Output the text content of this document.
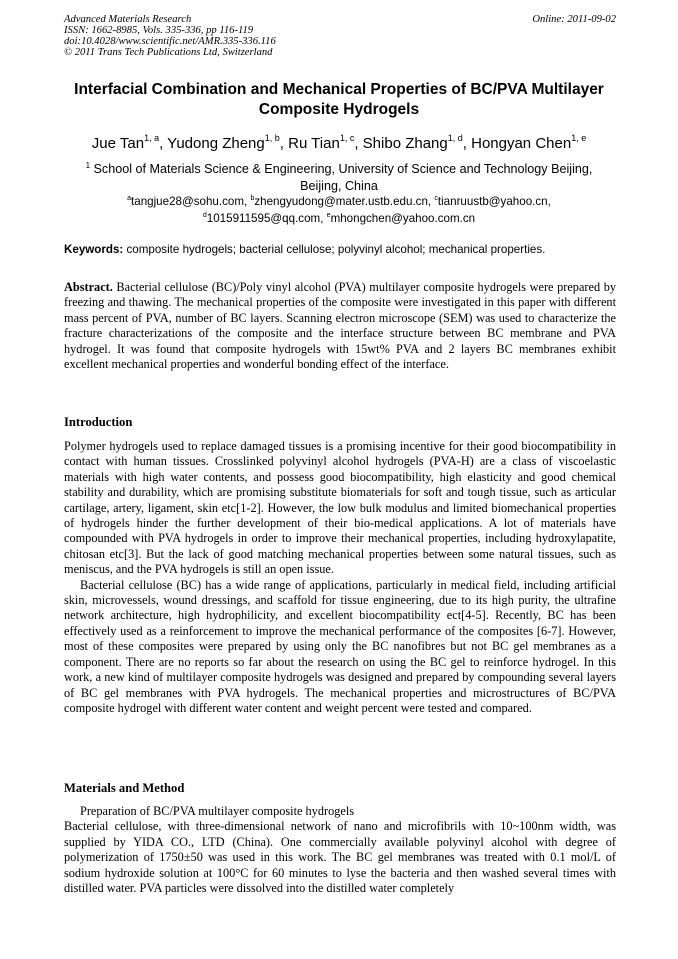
Advanced Materials Research
ISSN: 1662-8985, Vols. 335-336, pp 116-119
doi:10.4028/www.scientific.net/AMR.335-336.116
© 2011 Trans Tech Publications Ltd, Switzerland
Online: 2011-09-02
Interfacial Combination and Mechanical Properties of BC/PVA Multilayer Composite Hydrogels
Jue Tan$^{1, a}$, Yudong Zheng$^{1, b}$, Ru Tian$^{1, c}$, Shibo Zhang$^{1, d}$, Hongyan Chen$^{1, e}$
$^1$ School of Materials Science & Engineering, University of Science and Technology Beijing, Beijing, China
$^a$tangjue28@sohu.com, $^b$zhengyudong@mater.ustb.edu.cn, $^c$tianruustb@yahoo.cn,
$^d$1015911595@qq.com, $^e$mhongchen@yahoo.com.cn
Keywords: composite hydrogels; bacterial cellulose; polyvinyl alcohol; mechanical properties.
Abstract. Bacterial cellulose (BC)/Poly vinyl alcohol (PVA) multilayer composite hydrogels were prepared by freezing and thawing. The mechanical properties of the composite were investigated in this paper with different mass percent of PVA, number of BC layers. Scanning electron microscope (SEM) was used to characterize the fracture characterizations of the composite and the interface structure between BC membrane and PVA hydrogel. It was found that composite hydrogels with 15wt% PVA and 2 layers BC membranes exhibit excellent mechanical properties and wonderful bonding effect of the interface.
Introduction

Polymer hydrogels used to replace damaged tissues is a promising incentive for their good biocompatibility in contact with human tissues. Crosslinked polyvinyl alcohol hydrogels (PVA-H) are a class of viscoelastic materials with high water contents, and possess good biocompatibility, high elasticity and good chemical stability and durability, which are promising substitute biomaterials for soft and tough tissue, such as articular cartilage, artery, ligament, skin etc[1-2]. However, the low bulk modulus and limited biomechanical properties of hydrogels hinder the further development of their bio-medical applications. A lot of materials have compounded with PVA hydrogels in order to improve their mechanical properties, including hydroxylapatite, chitosan etc[3]. But the lack of good matching mechanical properties between some natural tissues, such as meniscus, and the PVA hydrogels is still an open issue.

Bacterial cellulose (BC) has a wide range of applications, particularly in medical field, including artificial skin, microvessels, wound dressings, and scaffold for tissue engineering, due to its high purity, the ultrafine network architecture, high hydrophilicity, and excellent biocompatibility ect[4-5]. Recently, BC has been effectively used as a reinforcement to improve the mechanical performance of the composites [6-7]. However, most of these composites were prepared by using only the BC nanofibres but not BC gel membranes as a component. There are no reports so far about the research on using the BC gel to reinforce hydrogel. In this work, a new kind of multilayer composite hydrogels was designed and prepared by compounding several layers of BC gel membranes with PVA hydrogels. The mechanical properties and microstructures of BC/PVA composite hydrogel with different water content and weight percent were tested and compared.

Materials and Method

Preparation of BC/PVA multilayer composite hydrogels

Bacterial cellulose, with three-dimensional network of nano and microfibrils with 10~100nm width, was supplied by YIDA CO., LTD (China). One commercially available polyvinyl alcohol with degree of polymerization of 1750±50 was used in this work. The BC gel membranes was treated with 0.1 mol/L of sodium hydroxide solution at 100°C for 60 minutes to lyse the bacteria and then washed several times with distilled water. PVA particles were dissolved into the distilled water completely
